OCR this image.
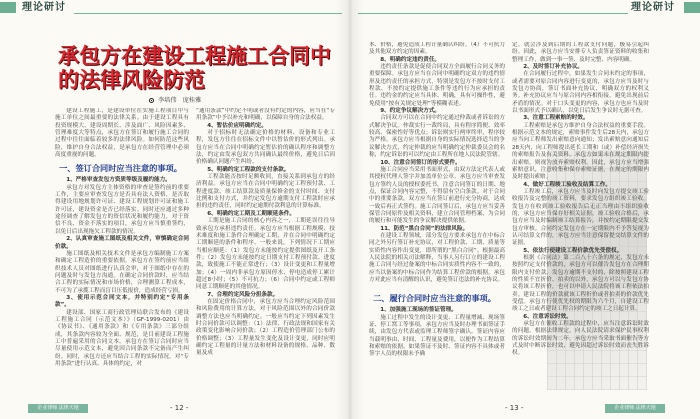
理论研讨
承包方在建设工程施工合同中
的法律风险防范
李培伟　庞桂雅

建设工程施工，是建设单位在实施工程项目中与施工单位之间最重要的法律关系。由于建设工程具有投资规模大、建设周期长、涉及面广、风险因素多、管理难度大等特点，承包方在签订和履行施工合同的过程中往往面临着较多的法律风险。如何防范这些风险，维护自身合法权益，是承包方在经营管理中必须高度重视的问题。

一、签订合同时应当注意的事项。

1、严格审查发包方资质等级及履约能力。

承包方对发包方主体资格的审查是签约前的重要工作，主要应审查发包方是否具有法人资格，是否取得建设用地规划许可证、建设工程规划许可证和施工许可证，建设资金是否已经落实。同时还应通过多种途径调查了解发包方的资信状况和履约能力，对于资信不良、资金不落实的项目，承包方应当慎重签约，以免日后出现拖欠工程款的情况。

2、认真审查施工图纸及相关文件，审慎确定合同价款。

施工图纸及相关技术文件是承包方编制施工方案和确定工程造价的重要依据。承包方在签约前应当组织技术人员对图纸进行认真会审，对于图纸中存在的问题及时与发包方沟通。在确定合同价款时，应当结合工程的实际情况和市场价格，合理测算工程成本，不可为了承揽工程而盲目压低报价，造成经营亏损。

3、使用示范合同文本，并特别约定“专用条款”。

建设部、国家工商行政管理局联合发布的《建设工程施工合同（示范文本）》（GF-1999-0201）由《协议书》、《通用条款》和《专用条款》三部分组成，其条款内容较为全面、规范，是目前建设工程施工中普遍采用的合同文本。承包方在签订合同时应当尽量使用示范文本，避免因合同条款不完备而产生纠纷。同时，承包方还应当结合工程的实际情况，对“专用条款”进行认真、具体的约定，对

“通用条款”中约定不明或者没有约定的内容，应当在“专用条款”中予以补充和明确，以保障自身的合法权益。

4、暂估价应明确约定。

对于招标时无法确定价格的材料、设备和专业工程，发包方往往在招标文件中以暂估价的形式列出。承包方应当在合同中明确约定暂估价的确认程序和调整方法，约定由发承包双方共同确认最终价格，避免日后因价格确认问题产生纠纷。

5、明确约定工程款的支付条款。

工程款能否按时足额收回，直接关系到承包方的经济利益。承包方应当在合同中明确约定工程预付款、工程进度款、竣工结算款及质量保修金的支付时间、支付比例和支付方式，并约定发包方逾期支付工程款时应承担的违约责任，同时约定逾期付款利息的计算标准。

6、明确约定工期及工期顺延条件。

工期是施工合同的核心内容之一，工期延误往往导致承包方承担违约责任。承包方应当根据工程规模、技术难度和施工条件合理确定工期，并在合同中明确约定工期顺延的条件和程序。一般来说，下列情况下工期应当相应顺延：（1）发包方未能按约定提供图纸及开工条件；（2）发包方未能按约定日期支付工程预付款、进度款，致使施工不能正常进行；（3）设计变更和工程量增加；（4）一周内非承包方原因停水、停电造成停工累计超过8小时；（5）不可抗力；（6）合同中约定或工程师同意工期顺延的其他情况。

7、合理约定风险分担条款。

在固定价格合同中，承包方应当合理约定风险范围和风险费用的计算方法，对于风险范围以外的合同价款调整方法也应当明确约定。一般应当约定下列因素发生时合同价款可以调整：（1）法律、行政法规和国家有关政策变化影响合同价款；（2）工程造价管理部门公布的价格调整；（3）工程量发生变化及设计变更，同时应明确约定工程量的计量方法和材料设备的规格、品种、数量及成

企业律师 法律天地	- 12 -
理论研讨

本、价格，避免造成工程计量确认纠纷。（4）不可抗力及其他双方约定的因素。

8、明确约定违约责任。

违约责任条款是促使合同双方全面履行合同义务的重要保障。承包方应当在合同中明确约定双方的违约情形及违约责任的承担方式，特别是发包方不按时支付工程款、不按约定提供施工条件等违约行为应承担的责任。违约金的约定应当具体、明确，具有可操作性，避免使用“按有关规定处理”等模糊表述。

9、约定争议解决方式。

合同双方可以在合同中约定通过仲裁或者诉讼的方式解决争议。仲裁实行一裁终局，具有程序简便、效率较高、保密性好等优点；诉讼则实行两审终审，程序较为严格。承包方应当根据自身的实际情况选择适当的争议解决方式，约定仲裁的应当明确约定仲裁委员会的名称，约定诉讼的可以约定由工程所在地人民法院管辖。

10、注意合同签订的形式要件。

施工合同应当采用书面形式，由双方法定代表人或其授权代理人签字并加盖单位公章。承包方应当审查发包方签约人员的授权委托书，注意合同签订的日期、地点，保证合同内容完整，不得留有空白条款。对于合同中的重要条款，双方应当在签订前进行充分协商，达成一致后再正式签约。施工合同签订后，承包方应当妥善保管合同原件及相关资料，建立合同管理档案，为合同的履行和可能发生的争议解决提供依据。

11、防范“黑白合同”的法律风险。

在建设工程领域，部分发包方要求承包方在中标合同之外另行签订补充协议，对工程价款、工期、质量等实质性内容作出变更，即所谓的“黑白合同”。根据最高人民法院的相关司法解释，当事人另行订立的建设工程施工合同与经过备案的中标合同实质性内容不一致的，应当以备案的中标合同作为结算工程价款的根据。承包方对此应当有清醒的认识，避免签订违法的补充协议。

二、履行合同时应当注意的事项。

1、加强施工现场的签证管理。

施工过程中发生的设计变更、工程量增减、现场签证、停工窝工等事项，承包方应当及时办理书面签证手续，由发包方代表或监理工程师签字确认。签证内容应当载明事由、时间、工程量及费用，以便作为工程结算和索赔的依据。如果签证不及时、签证内容不具体或者签字人员的权限未予确

定，就会涉及到后期的工程款支付问题，极易引起纠纷。因此，承包方应当安排专人负责签证资料的收集和整理工作，做到一事一签、及时完整、内容明确。

2、及时签订补充协议。

在合同履行过程中，如果发生合同未约定的事项，或者需要对原合同内容进行变更的，承包方应当及时与发包方协商，签订书面补充协议，明确双方的权利义务。补充协议应当与原合同内容相衔接，避免出现前后矛盾的情况。对于口头变更的内容，承包方也应当及时以书面形式予以确认，以免日后发生争议时无据可查。

3、注意工程索赔的时效。

工程索赔是承包方维护自身合法权益的重要手段。根据示范文本的规定，索赔事件发生后28天内，承包方应当向工程师发出索赔意向通知；发出索赔意向通知后28天内，向工程师提出延长工期和（或）补偿经济损失的索赔报告及有关资料。承包方如果未在规定期限内提出索赔，则视为放弃索赔权利。因此，承包方应当增强索赔意识，注意收集和保存索赔证据，在规定的期限内及时提出索赔。

4、做好工程竣工验收及结算工作。

工程竣工后，承包方应当及时向发包方提交竣工验收报告及完整的竣工资料，要求发包方组织竣工验收。发包方在收到竣工验收报告后无正当理由不组织验收的，承包方应当保存好相关证据。竣工验收合格后，承包方应当及时编制竣工结算报告，并按约定期限提交发包方审核。合同约定发包方在一定期限内不予答复视为认可结算文件的，承包方应当注意保留提交结算文件的证据。

5、依法行使建设工程价款优先受偿权。

根据《合同法》第二百八十六条的规定，发包方未按照约定支付价款的，承包方可以催告发包方在合理期限内支付价款。发包方逾期不支付的，除按照建设工程的性质不宜折价、拍卖的以外，承包方可以与发包方协议将该工程折价，也可以申请人民法院将该工程依法拍卖。建设工程的价款就该工程折价或者拍卖的价款优先受偿。承包方行使优先权的期限为六个月，自建设工程竣工之日或者建设工程合同约定的竣工之日起计算。

6、注意诉讼时效。

承包方在催收工程款的过程中，应当注意诉讼时效的问题。根据法律规定，向人民法院请求保护民事权利的诉讼时效期间为二年，承包方应当采取书面催告等方式及时中断诉讼时效，避免因超过诉讼时效而丧失胜诉权。

- 13 -	企业律师 法律天地
